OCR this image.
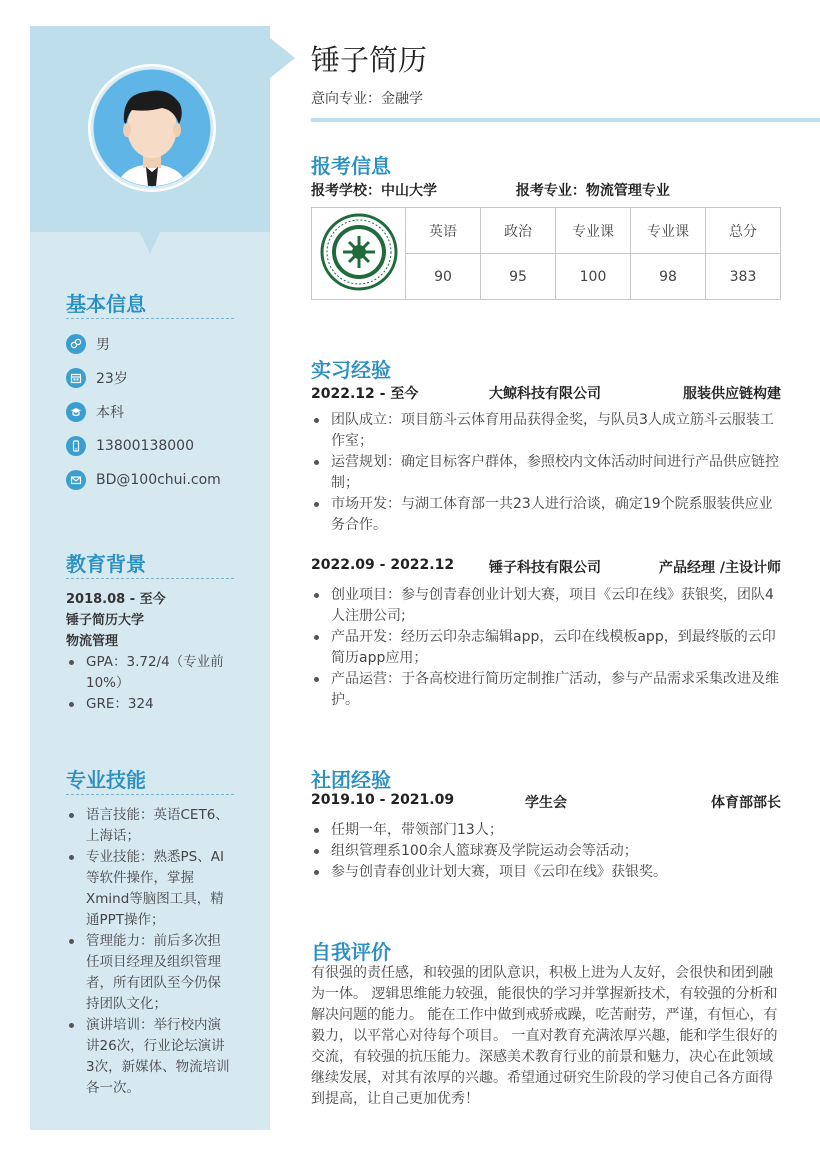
基本信息
男
23岁
本科
13800138000
BD@100chui.com
教育背景
2018.08 - 至今
锤子简历大学
物流管理
GPA：3.72/4（专业前10%）
GRE：324
专业技能
语言技能：英语CET6、上海话；
专业技能：熟悉PS、AI等软件操作，掌握Xmind等脑图工具，精通PPT操作；
管理能力：前后多次担任项目经理及组织管理者，所有团队至今仍保持团队文化；
演讲培训：举行校内演讲26次，行业论坛演讲3次，新媒体、物流培训各一次。
锤子简历
意向专业：金融学
报考信息
报考学校：中山大学	报考专业：物流管理专业
	英语	政治	专业课	专业课	总分
	90	95	100	98	383
实习经验
2022.12 - 至今	大鲸科技有限公司	服装供应链构建
团队成立：项目筋斗云体育用品获得金奖，与队员3人成立筋斗云服装工作室；
运营规划：确定目标客户群体，参照校内文体活动时间进行产品供应链控制；
市场开发：与湖工体育部一共23人进行洽谈，确定19个院系服装供应业务合作。
2022.09 - 2022.12 锤子科技有限公司	产品经理 /主设计师
创业项目：参与创青春创业计划大赛，项目《云印在线》获银奖，团队4人注册公司;
产品开发：经历云印杂志编辑app，云印在线模板app，到最终版的云印简历app应用；
产品运营：于各高校进行简历定制推广活动，参与产品需求采集改进及维护。
社团经验
2019.10 - 2021.09	学生会	体育部部长
任期一年，带领部门13人；
组织管理系100余人篮球赛及学院运动会等活动；
参与创青春创业计划大赛，项目《云印在线》获银奖。
自我评价
有很强的责任感，和较强的团队意识，积极上进为人友好，会很快和团到融为一体。 逻辑思维能力较强，能很快的学习并掌握新技术，有较强的分析和解决问题的能力。 能在工作中做到戒骄戒躁，吃苦耐劳，严谨，有恒心，有毅力，以平常心对待每个项目。 一直对教育充满浓厚兴趣，能和学生很好的交流，有较强的抗压能力。深感美术教育行业的前景和魅力，决心在此领域继续发展，对其有浓厚的兴趣。希望通过研究生阶段的学习使自己各方面得到提高，让自己更加优秀！
